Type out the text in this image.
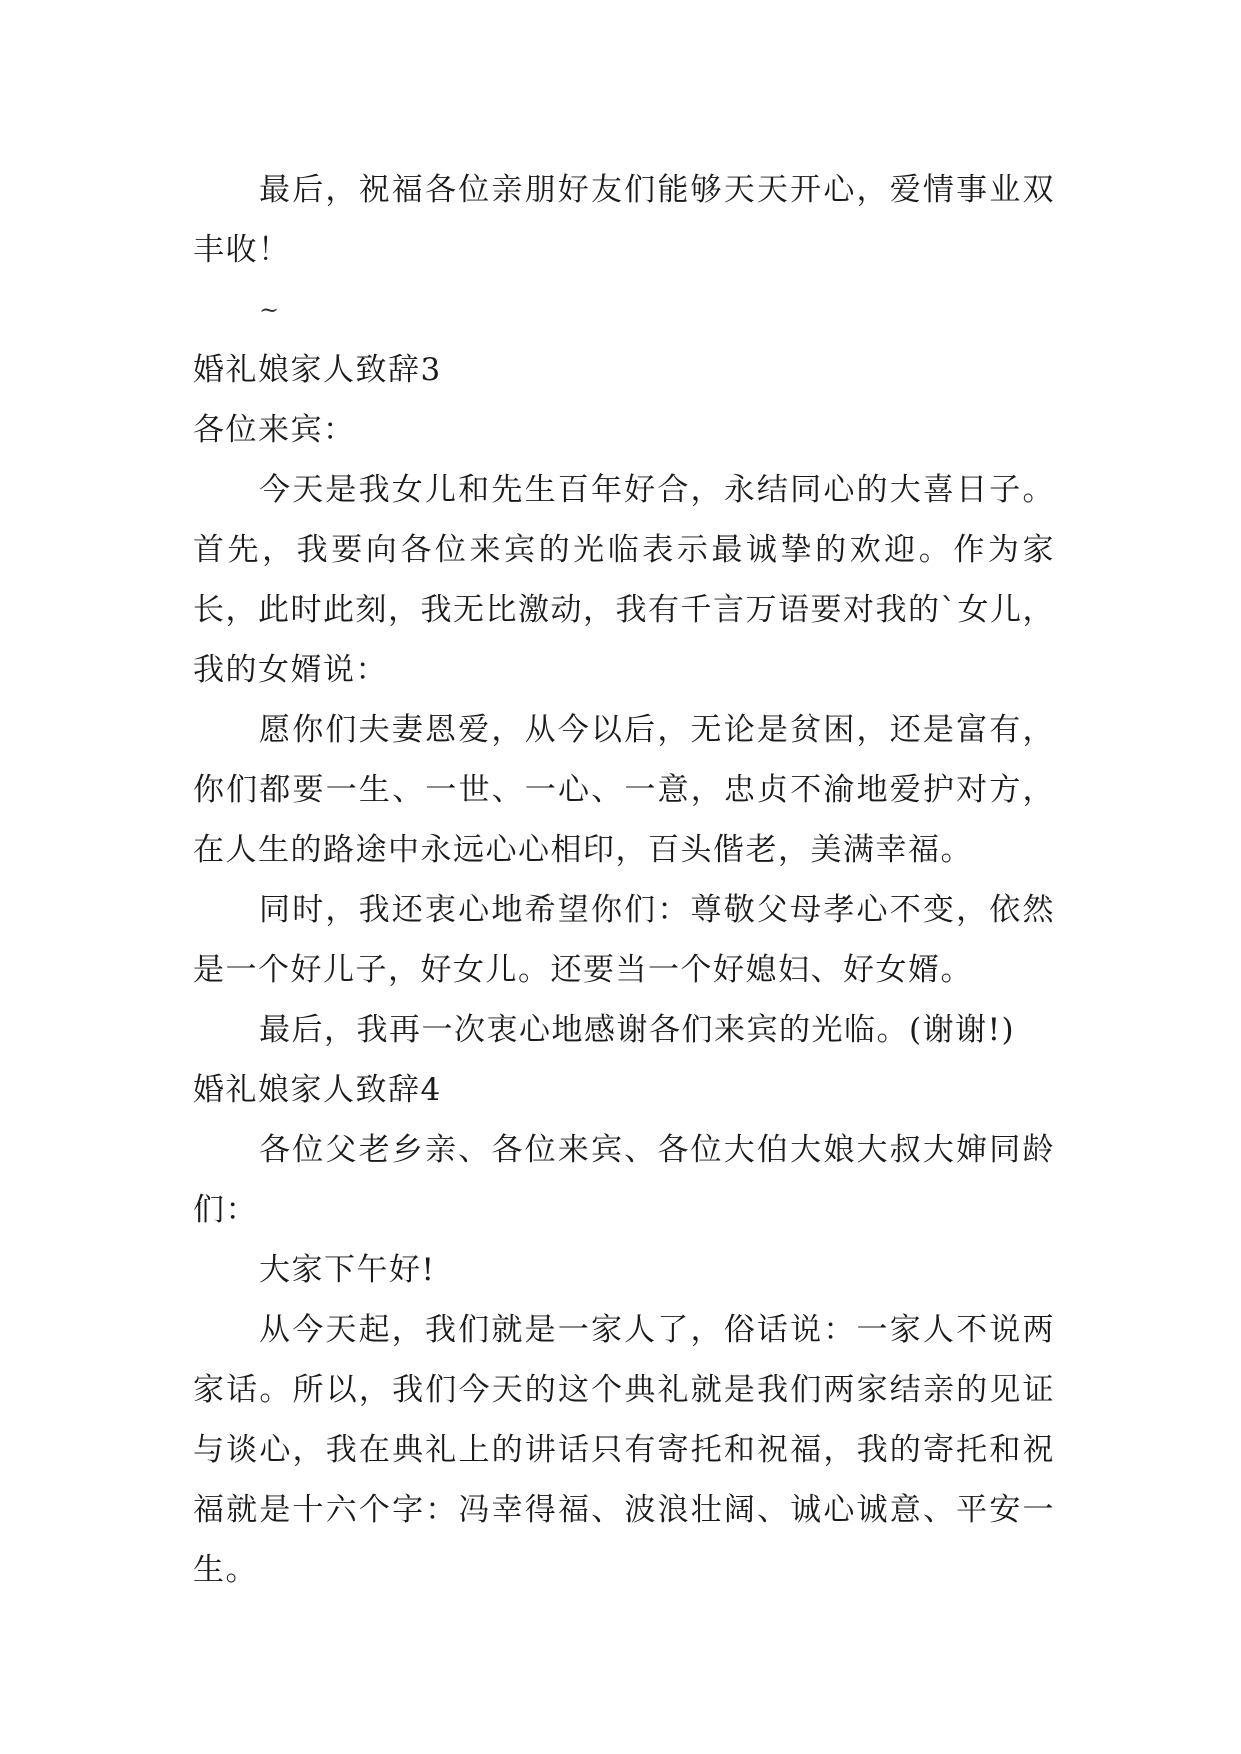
最后，祝福各位亲朋好友们能够天天开心，爱情事业双丰收！

~

婚礼娘家人致辞3

各位来宾：

今天是我女儿和先生百年好合，永结同心的大喜日子。首先，我要向各位来宾的光临表示最诚挚的欢迎。作为家长，此时此刻，我无比激动，我有千言万语要对我的`女儿，我的女婿说：

愿你们夫妻恩爱，从今以后，无论是贫困，还是富有，你们都要一生、一世、一心、一意，忠贞不渝地爱护对方，在人生的路途中永远心心相印，百头偕老，美满幸福。

同时，我还衷心地希望你们：尊敬父母孝心不变，依然是一个好儿子，好女儿。还要当一个好媳妇、好女婿。

最后，我再一次衷心地感谢各们来宾的光临。(谢谢!)

婚礼娘家人致辞4

各位父老乡亲、各位来宾、各位大伯大娘大叔大婶同龄们：

大家下午好!

从今天起，我们就是一家人了，俗话说：一家人不说两家话。所以，我们今天的这个典礼就是我们两家结亲的见证与谈心，我在典礼上的讲话只有寄托和祝福，我的寄托和祝福就是十六个字：冯幸得福、波浪壮阔、诚心诚意、平安一生。
